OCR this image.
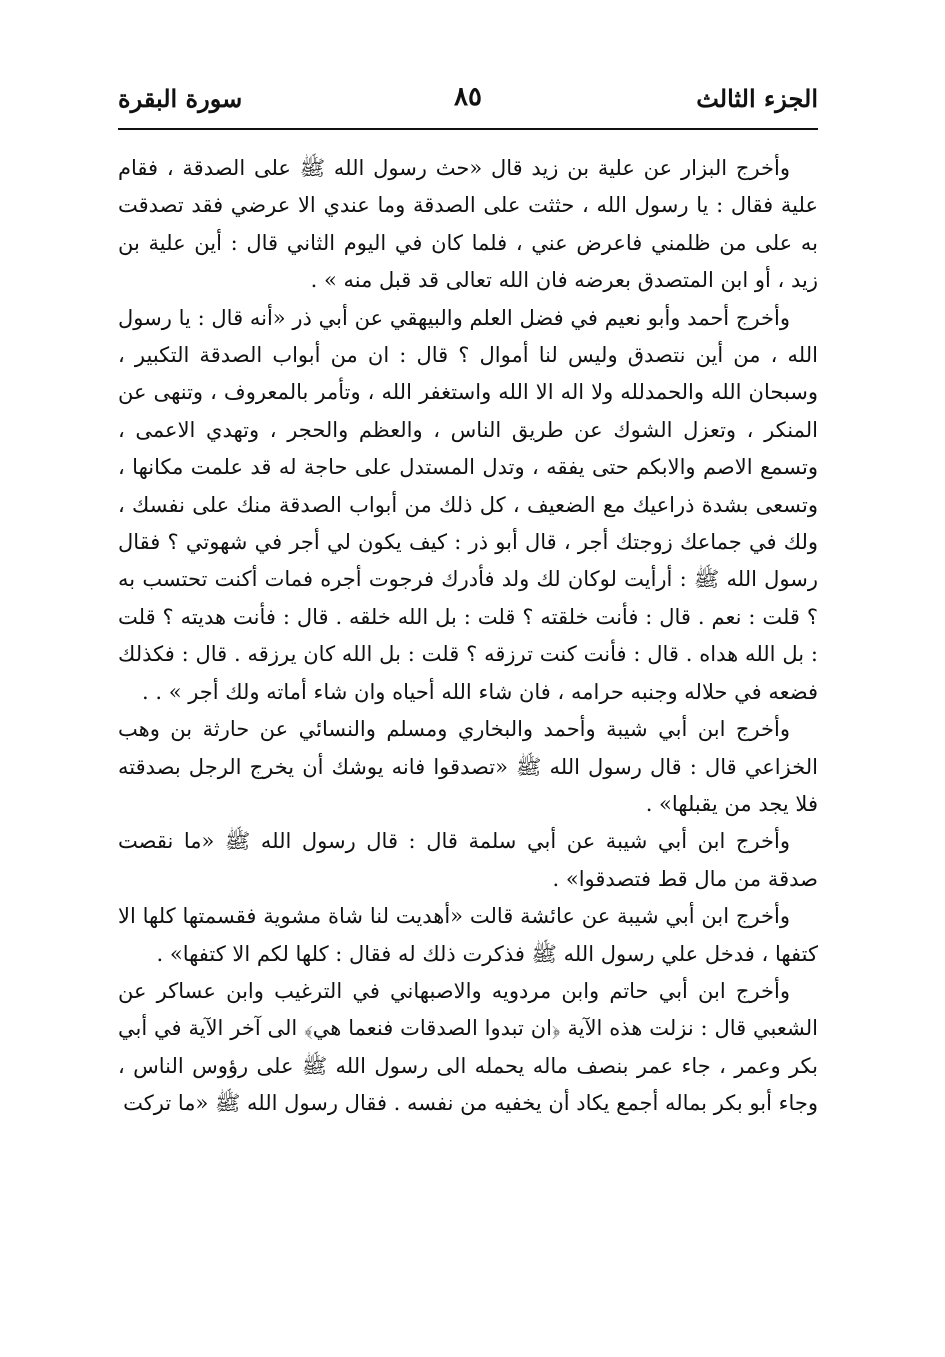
الجزء الثالث
٨٥
سورة البقرة

وأخرج البزار عن علية بن زيد قال «حث رسول الله ﷺ على الصدقة ، فقام علية فقال : يا رسول الله ، حثثت على الصدقة وما عندي الا عرضي فقد تصدقت به على من ظلمني فاعرض عني ، فلما كان في اليوم الثاني قال : أين علية بن زيد ، أو ابن المتصدق بعرضه فان الله تعالى قد قبل منه » .

وأخرج أحمد وأبو نعيم في فضل العلم والبيهقي عن أبي ذر «أنه قال : يا رسول الله ، من أين نتصدق وليس لنا أموال ؟ قال : ان من أبواب الصدقة التكبير ، وسبحان الله والحمدلله ولا اله الا الله واستغفر الله ، وتأمر بالمعروف ، وتنهى عن المنكر ، وتعزل الشوك عن طريق الناس ، والعظم والحجر ، وتهدي الاعمى ، وتسمع الاصم والابكم حتى يفقه ، وتدل المستدل على حاجة له قد علمت مكانها ، وتسعى بشدة ذراعيك مع الضعيف ، كل ذلك من أبواب الصدقة منك على نفسك ، ولك في جماعك زوجتك أجر ، قال أبو ذر : كيف يكون لي أجر في شهوتي ؟ فقال رسول الله ﷺ : أرأيت لوكان لك ولد فأدرك فرجوت أجره فمات أكنت تحتسب به ؟ قلت : نعم . قال : فأنت خلقته ؟ قلت : بل الله خلقه . قال : فأنت هديته ؟ قلت : بل الله هداه . قال : فأنت كنت ترزقه ؟ قلت : بل الله كان يرزقه . قال : فكذلك فضعه في حلاله وجنبه حرامه ، فان شاء الله أحياه وان شاء أماته ولك أجر » . .

وأخرج ابن أبي شيبة وأحمد والبخاري ومسلم والنسائي عن حارثة بن وهب الخزاعي قال : قال رسول الله ﷺ «تصدقوا فانه يوشك أن يخرج الرجل بصدقته فلا يجد من يقبلها» .

وأخرج ابن أبي شيبة عن أبي سلمة قال : قال رسول الله ﷺ «ما نقصت صدقة من مال قط فتصدقوا» .

وأخرج ابن أبي شيبة عن عائشة قالت «أهديت لنا شاة مشوية فقسمتها كلها الا كتفها ، فدخل علي رسول الله ﷺ فذكرت ذلك له فقال : كلها لكم الا كتفها» .

وأخرج ابن أبي حاتم وابن مردويه والاصبهاني في الترغيب وابن عساكر عن الشعبي قال : نزلت هذه الآية ﴿ان تبدوا الصدقات فنعما هي﴾ الى آخر الآية في أبي بكر وعمر ، جاء عمر بنصف ماله يحمله الى رسول الله ﷺ على رؤوس الناس ، وجاء أبو بكر بماله أجمع يكاد أن يخفيه من نفسه . فقال رسول الله ﷺ «ما تركت
